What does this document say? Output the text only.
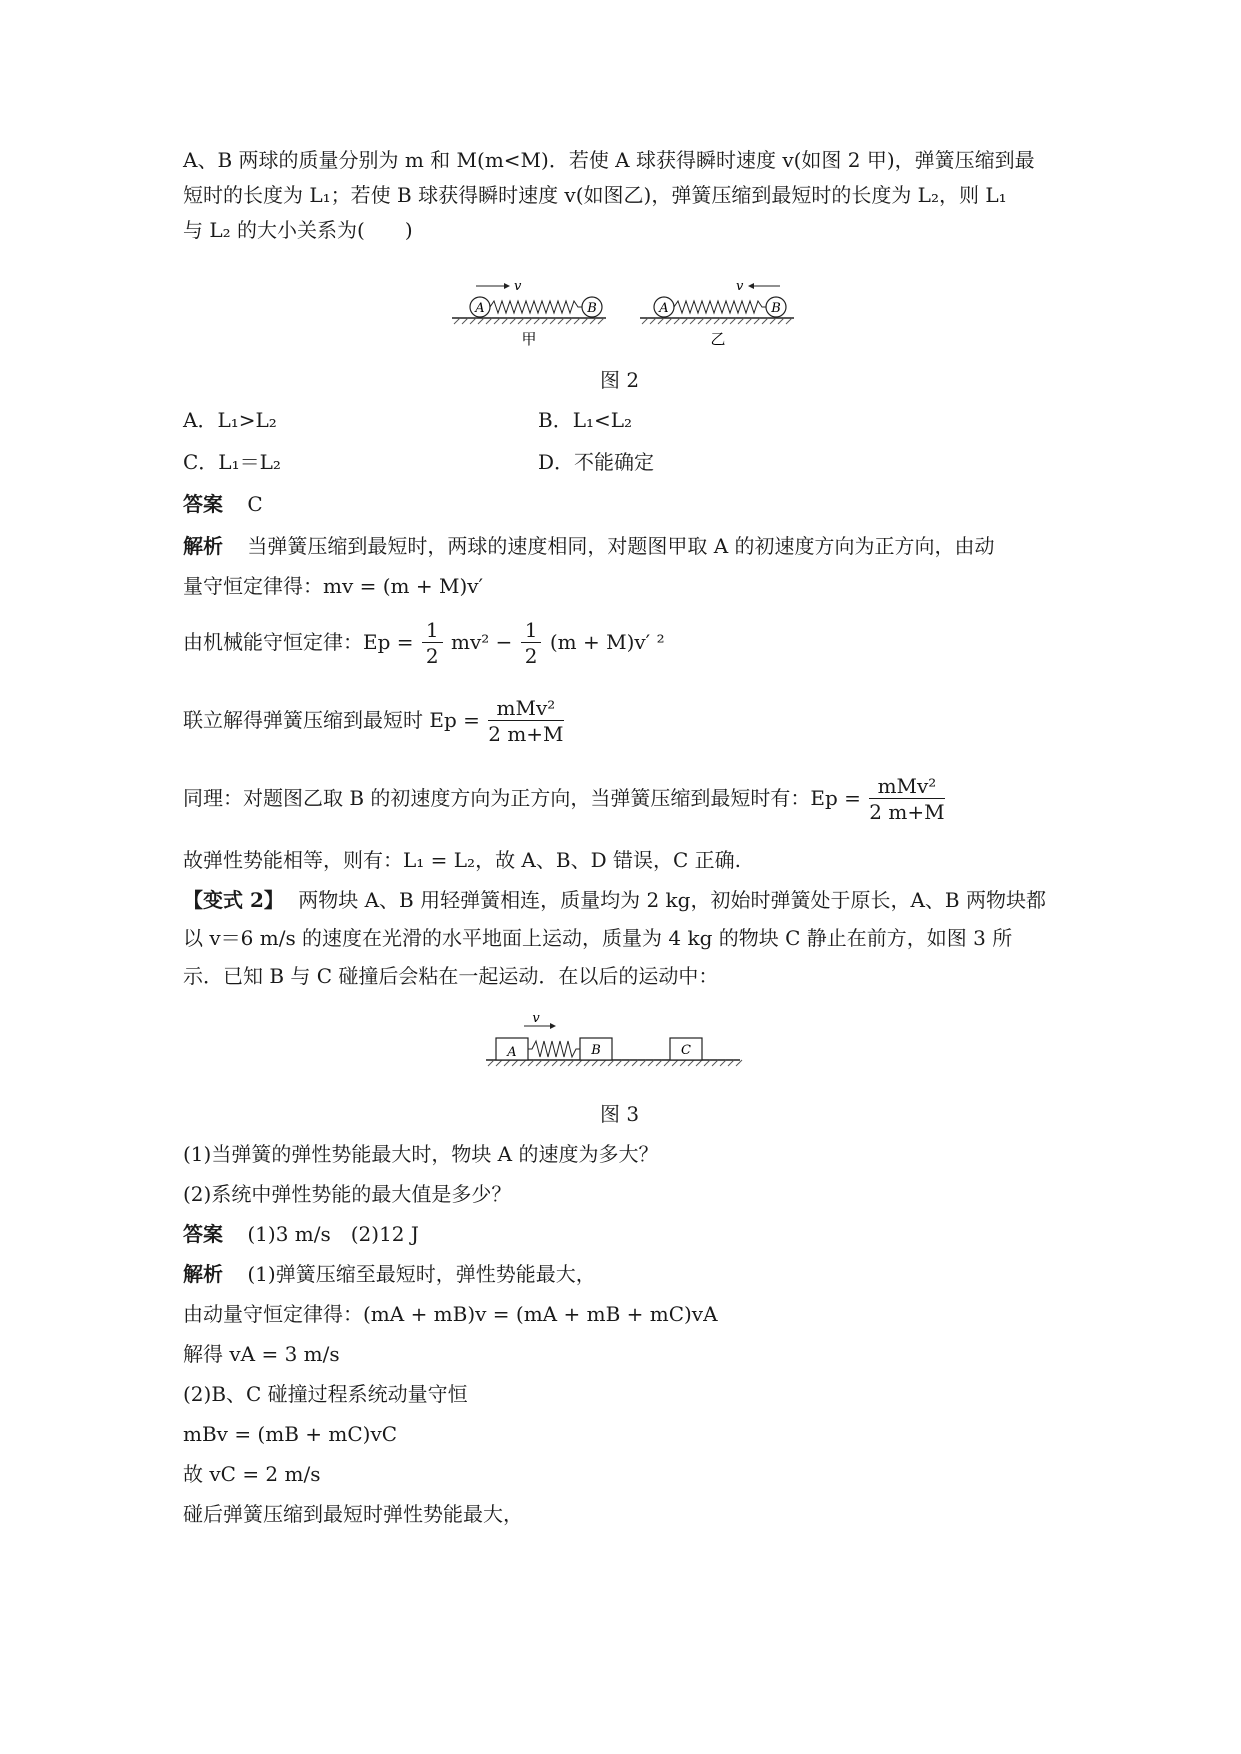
A、B 两球的质量分别为 m 和 M(m<M)．若使 A 球获得瞬时速度 v(如图 2 甲)，弹簧压缩到最
短时的长度为 L₁；若使 B 球获得瞬时速度 v(如图乙)，弹簧压缩到最短时的长度为 L₂，则 L₁
与 L₂ 的大小关系为(　　)
A	B
v
甲
A	B
v
乙
图 2
A．L₁>L₂	B．L₁<L₂
C．L₁＝L₂	D．不能确定
答案 C
解析 当弹簧压缩到最短时，两球的速度相同，对题图甲取 A 的初速度方向为正方向，由动
量守恒定律得：mv = (m + M)v′
由机械能守恒定律：$Ep = \frac{1}{2} mv^2 - \frac{1}{2} (m + M)v'$ ²
联立解得弹簧压缩到最短时 $Ep = \frac{\text{mMv²}}{2 m+M}$
同理：对题图乙取 B 的初速度方向为正方向，当弹簧压缩到最短时有：$Ep = \frac{\text{mMv²}}{2 m+M}$
故弹性势能相等，则有：L₁ = L₂，故 A、B、D 错误，C 正确.
【变式 2】 两物块 A、B 用轻弹簧相连，质量均为 2 kg，初始时弹簧处于原长，A、B 两物块都
以 v＝6 m/s 的速度在光滑的水平地面上运动，质量为 4 kg 的物块 C 静止在前方，如图 3 所
示．已知 B 与 C 碰撞后会粘在一起运动．在以后的运动中：
A	B	C
v
图 3
(1)当弹簧的弹性势能最大时，物块 A 的速度为多大？
(2)系统中弹性势能的最大值是多少？
答案 (1)3 m/s　(2)12 J
解析 (1)弹簧压缩至最短时，弹性势能最大，
由动量守恒定律得：(mA + mB)v = (mA + mB + mC)vA
解得 vA = 3 m/s
(2)B、C 碰撞过程系统动量守恒
mBv = (mB + mC)vC
故 vC = 2 m/s
碰后弹簧压缩到最短时弹性势能最大，
